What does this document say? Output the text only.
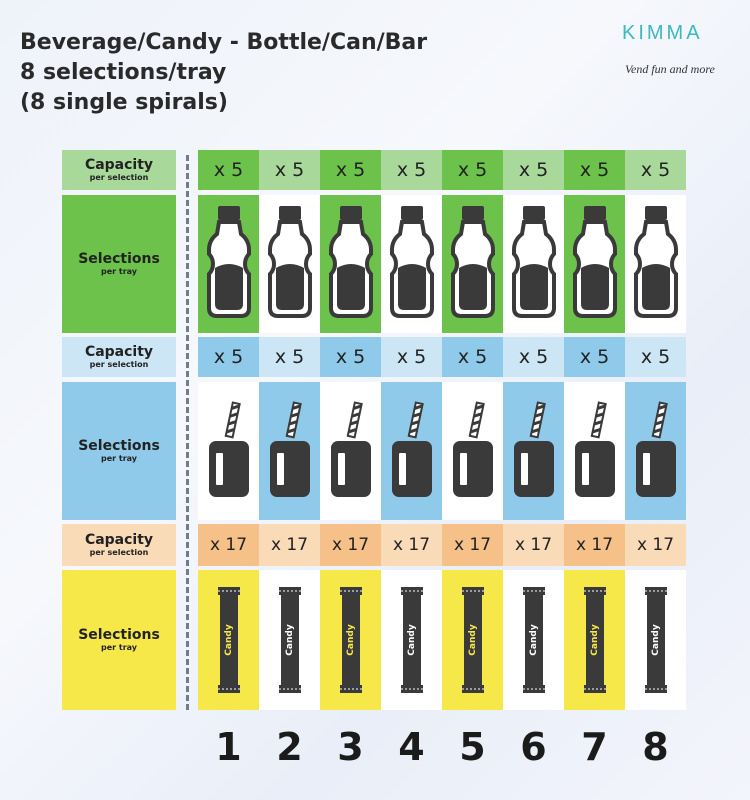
Beverage/Candy - Bottle/Can/Bar
8 selections/tray
(8 single spirals)
KIMMA
Vend fun and more
Capacity
per selection
Selections
per tray
x 5 x 5 x 5 x 5 x 5 x 5 x 5 x 5
Capacity
per selection
Selections
per tray
x 5 x 5 x 5 x 5 x 5 x 5 x 5 x 5
Capacity
per selection
Selections
per tray
x 17
Candy
x 17
Candy
x 17
Candy
x 17
Candy
x 17
Candy
x 17
Candy
x 17
Candy
x 17
Candy
1 2 3 4 5 6 7 8
